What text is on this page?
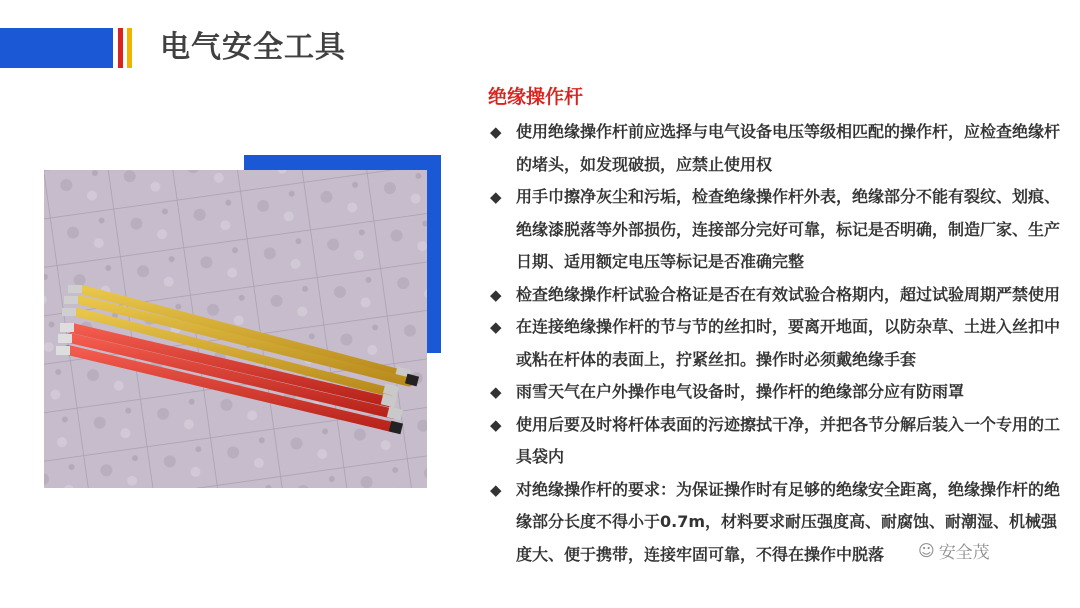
电气安全工具
绝缘操作杆
◆ 使用绝缘操作杆前应选择与电气设备电压等级相匹配的操作杆，应检查绝缘杆的堵头，如发现破损，应禁止使用权
◆ 用手巾擦净灰尘和污垢，检查绝缘操作杆外表，绝缘部分不能有裂纹、划痕、绝缘漆脱落等外部损伤，连接部分完好可靠，标记是否明确，制造厂家、生产日期、适用额定电压等标记是否准确完整
◆ 检查绝缘操作杆试验合格证是否在有效试验合格期内，超过试验周期严禁使用
◆ 在连接绝缘操作杆的节与节的丝扣时，要离开地面，以防杂草、土进入丝扣中或粘在杆体的表面上，拧紧丝扣。操作时必须戴绝缘手套
◆ 雨雪天气在户外操作电气设备时，操作杆的绝缘部分应有防雨罩
◆ 使用后要及时将杆体表面的污迹擦拭干净，并把各节分解后装入一个专用的工具袋内
◆ 对绝缘操作杆的要求：为保证操作时有足够的绝缘安全距离，绝缘操作杆的绝缘部分长度不得小于0.7m，材料要求耐压强度高、耐腐蚀、耐潮湿、机械强度大、便于携带，连接牢固可靠，不得在操作中脱落	☺ 安全茂
